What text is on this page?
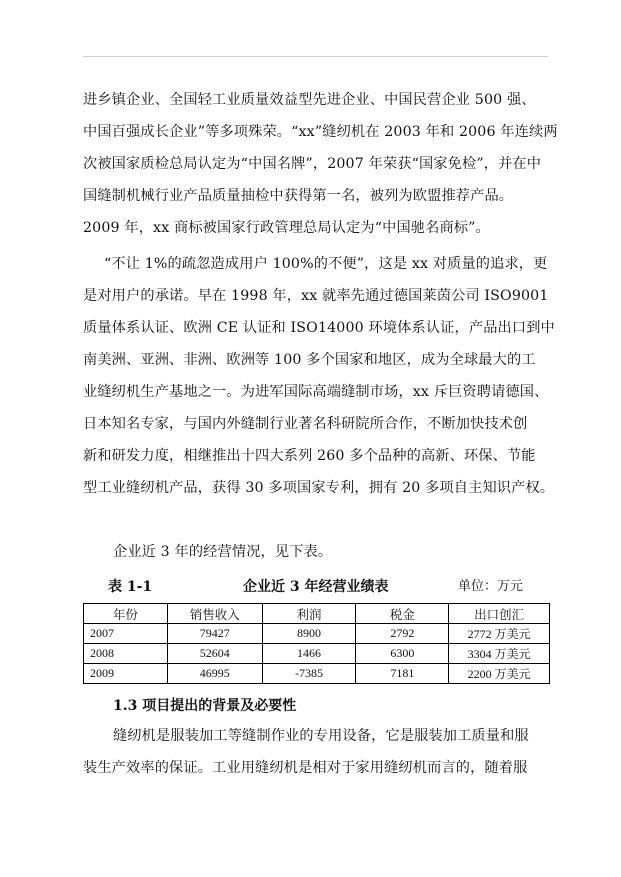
进乡镇企业、全国轻工业质量效益型先进企业、中国民营企业 500 强、
中国百强成长企业”等多项殊荣。“xx”缝纫机在 2003 年和 2006 年连续两
次被国家质检总局认定为“中国名牌”，2007 年荣获“国家免检”，并在中
国缝制机械行业产品质量抽检中获得第一名，被列为欧盟推荐产品。
2009 年，xx 商标被国家行政管理总局认定为“中国驰名商标”。
“不让 1%的疏忽造成用户 100%的不便”，这是 xx 对质量的追求，更
是对用户的承诺。早在 1998 年，xx 就率先通过德国莱茵公司 ISO9001
质量体系认证、欧洲 CE 认证和 ISO14000 环境体系认证，产品出口到中
南美洲、亚洲、非洲、欧洲等 100 多个国家和地区，成为全球最大的工
业缝纫机生产基地之一。为进军国际高端缝制市场，xx 斥巨资聘请德国、
日本知名专家，与国内外缝制行业著名科研院所合作，不断加快技术创
新和研发力度，相继推出十四大系列 260 多个品种的高新、环保、节能
型工业缝纫机产品，获得 30 多项国家专利，拥有 20 多项自主知识产权。
企业近 3 年的经营情况，见下表。
表 1-1	企业近 3 年经营业绩表	单位：万元
年份	销售收入	利润	税金	出口创汇
2007	79427	8900	2792	2772 万美元
2008	52604	1466	6300	3304 万美元
2009	46995	-7385	7181	2200 万美元
1.3 项目提出的背景及必要性
缝纫机是服装加工等缝制作业的专用设备，它是服装加工质量和服
装生产效率的保证。工业用缝纫机是相对于家用缝纫机而言的，随着服
